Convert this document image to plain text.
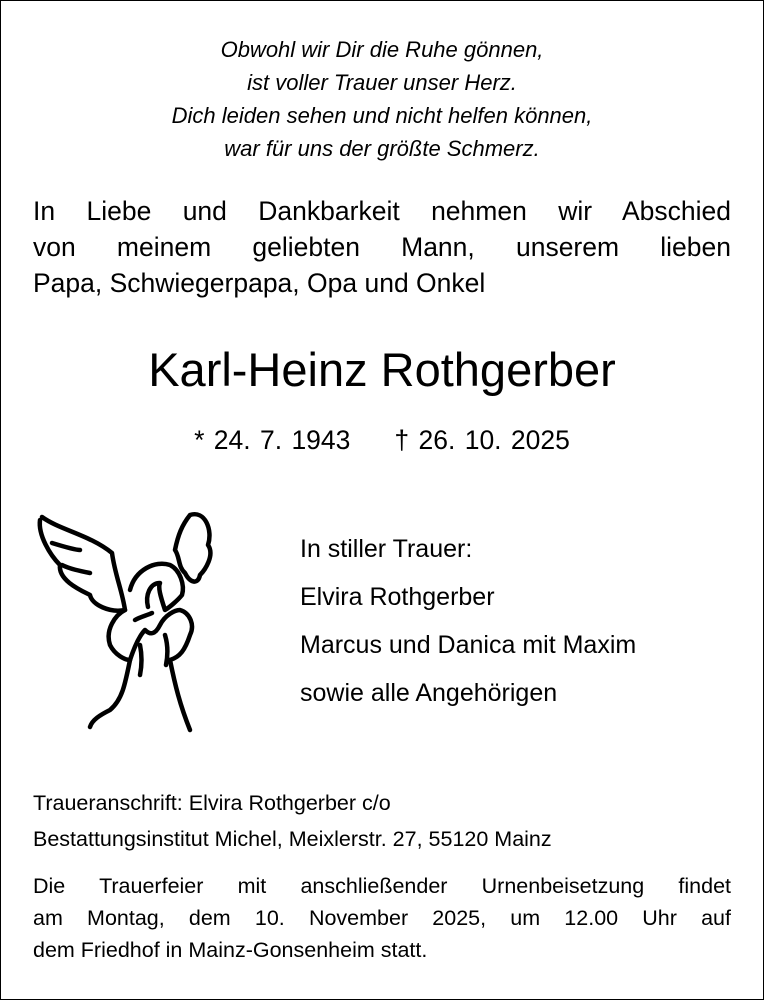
Obwohl wir Dir die Ruhe gönnen,
ist voller Trauer unser Herz.
Dich leiden sehen und nicht helfen können,
war für uns der größte Schmerz.
In Liebe und Dankbarkeit nehmen wir Abschied
von meinem geliebten Mann, unserem lieben
Papa, Schwiegerpapa, Opa und Onkel
Karl-Heinz Rothgerber
* 24. 7. 1943 † 26. 10. 2025
In stiller Trauer:
Elvira Rothgerber
Marcus und Danica mit Maxim
sowie alle Angehörigen
Traueranschrift: Elvira Rothgerber c/o
Bestattungsinstitut Michel, Meixlerstr. 27, 55120 Mainz
Die Trauerfeier mit anschließender Urnenbeisetzung findet
am Montag, dem 10. November 2025, um 12.00 Uhr auf
dem Friedhof in Mainz-Gonsenheim statt.
